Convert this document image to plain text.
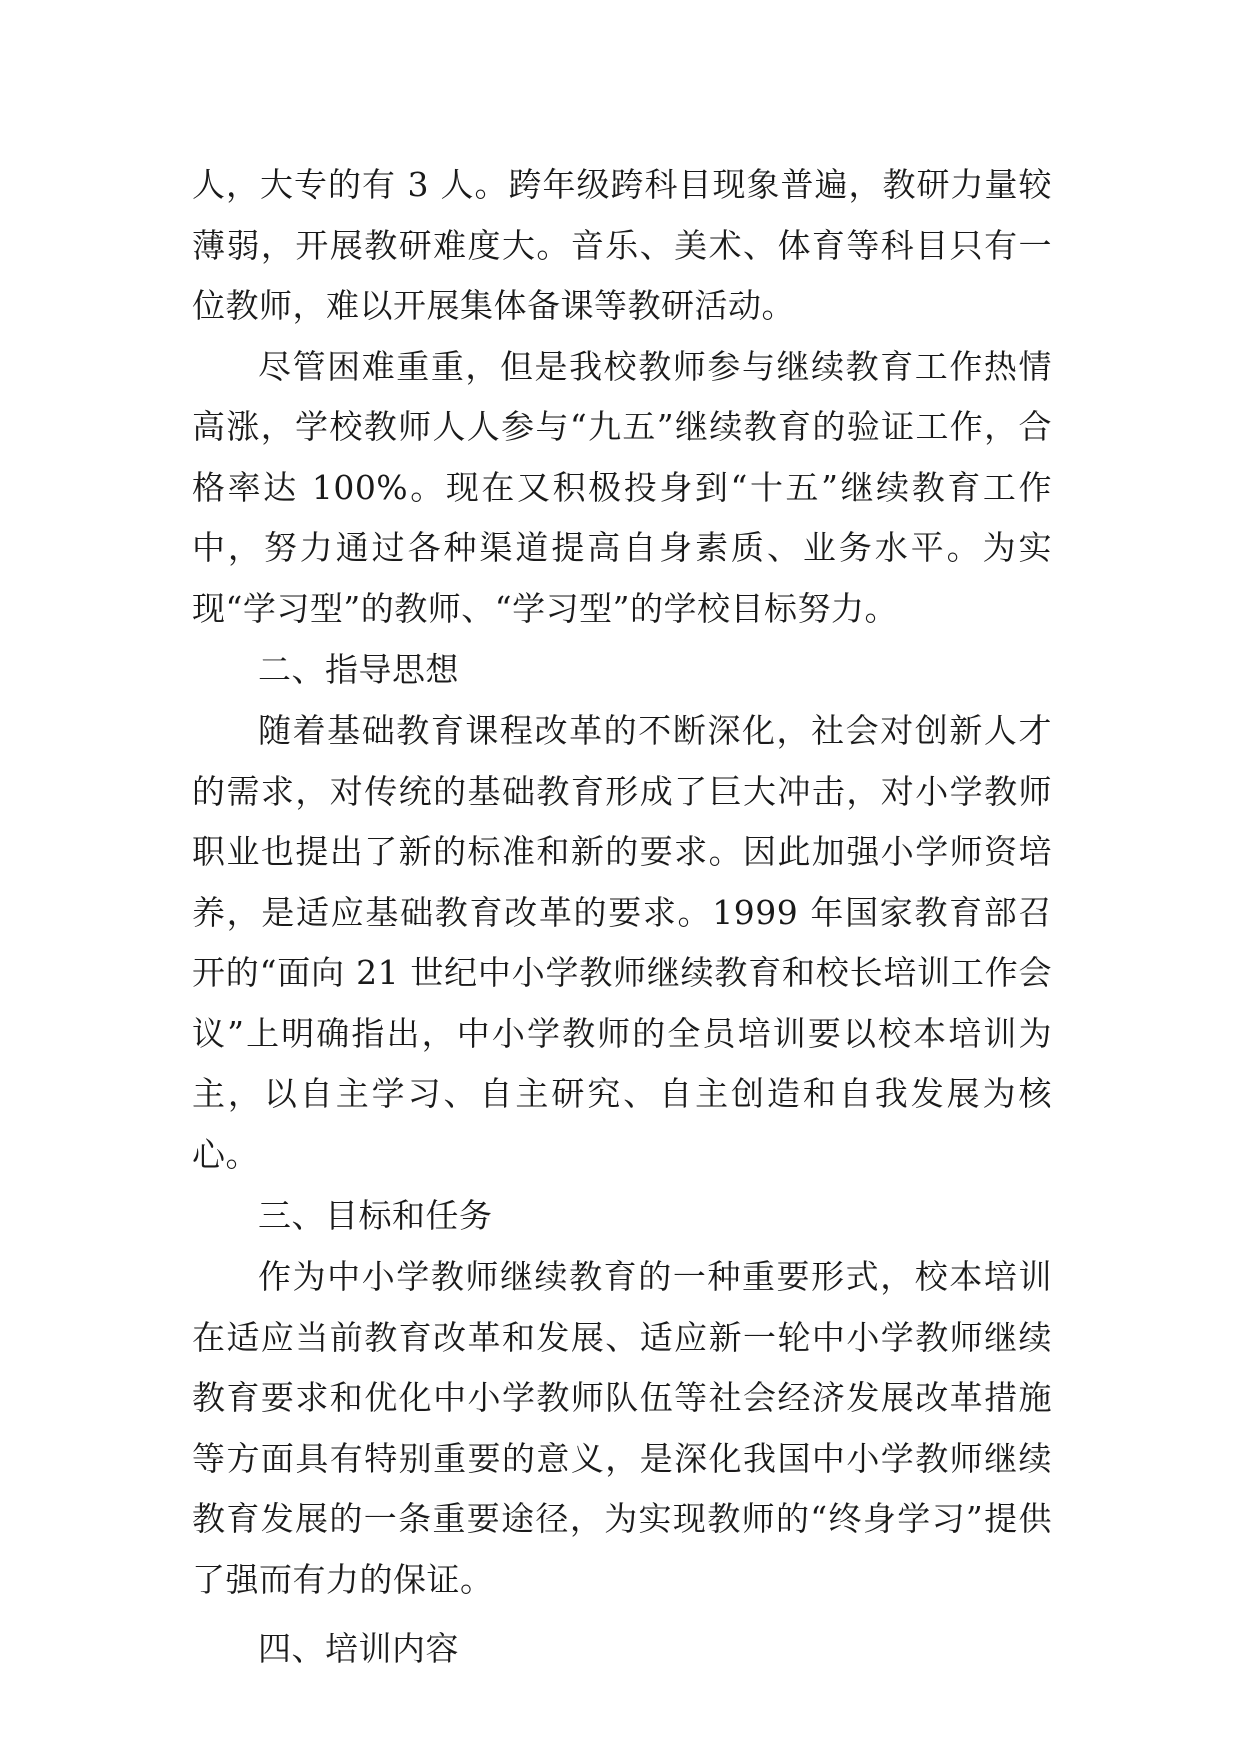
人，大专的有 3 人。跨年级跨科目现象普遍，教研力量较薄弱，开展教研难度大。音乐、美术、体育等科目只有一位教师，难以开展集体备课等教研活动。

尽管困难重重，但是我校教师参与继续教育工作热情高涨，学校教师人人参与“九五”继续教育的验证工作，合格率达 100%。现在又积极投身到“十五”继续教育工作中，努力通过各种渠道提高自身素质、业务水平。为实现“学习型”的教师、“学习型”的学校目标努力。

二、指导思想

随着基础教育课程改革的不断深化，社会对创新人才的需求，对传统的基础教育形成了巨大冲击，对小学教师职业也提出了新的标准和新的要求。因此加强小学师资培养，是适应基础教育改革的要求。1999 年国家教育部召开的“面向 21 世纪中小学教师继续教育和校长培训工作会议”上明确指出，中小学教师的全员培训要以校本培训为主，以自主学习、自主研究、自主创造和自我发展为核心。

三、目标和任务

作为中小学教师继续教育的一种重要形式，校本培训在适应当前教育改革和发展、适应新一轮中小学教师继续教育要求和优化中小学教师队伍等社会经济发展改革措施等方面具有特别重要的意义，是深化我国中小学教师继续教育发展的一条重要途径，为实现教师的“终身学习”提供了强而有力的保证。

四、培训内容
